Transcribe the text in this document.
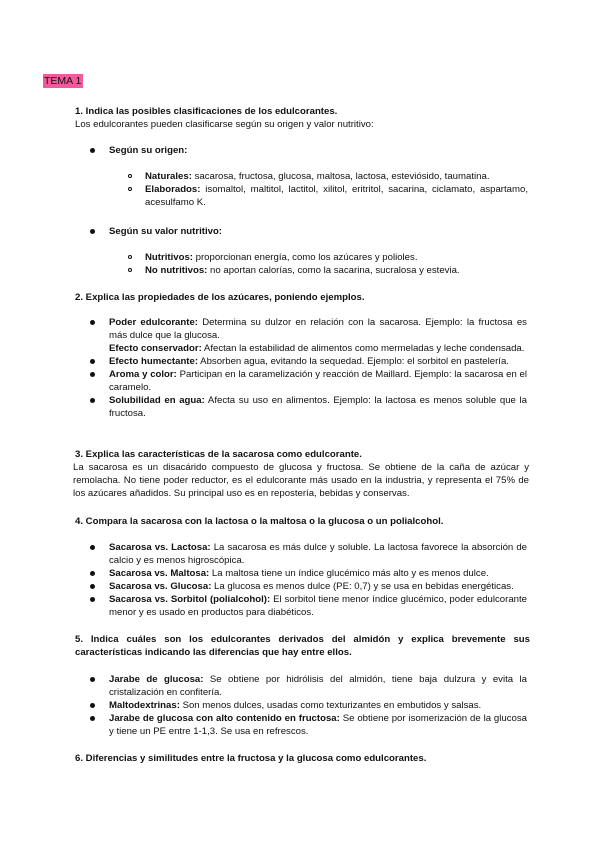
TEMA 1
1. Indica las posibles clasificaciones de los edulcorantes.
Los edulcorantes pueden clasificarse según su origen y valor nutritivo:
Según su origen:
Naturales: sacarosa, fructosa, glucosa, maltosa, lactosa, esteviósido, taumatina.
Elaborados: isomaltol, maltitol, lactitol, xilitol, eritritol, sacarina, ciclamato, aspartamo, acesulfamo K.
Según su valor nutritivo:
Nutritivos: proporcionan energía, como los azúcares y polioles.
No nutritivos: no aportan calorías, como la sacarina, sucralosa y estevia.
2. Explica las propiedades de los azúcares, poniendo ejemplos.
Poder edulcorante: Determina su dulzor en relación con la sacarosa. Ejemplo: la fructosa es más dulce que la glucosa.
Efecto conservador: Afectan la estabilidad de alimentos como mermeladas y leche condensada.
Efecto humectante: Absorben agua, evitando la sequedad. Ejemplo: el sorbitol en pastelería.
Aroma y color: Participan en la caramelización y reacción de Maillard. Ejemplo: la sacarosa en el caramelo.
Solubilidad en agua: Afecta su uso en alimentos. Ejemplo: la lactosa es menos soluble que la fructosa.
3. Explica las características de la sacarosa como edulcorante.
La sacarosa es un disacárido compuesto de glucosa y fructosa. Se obtiene de la caña de azúcar y remolacha. No tiene poder reductor, es el edulcorante más usado en la industria, y representa el 75% de los azúcares añadidos. Su principal uso es en repostería, bebidas y conservas.
4. Compara la sacarosa con la lactosa o la maltosa o la glucosa o un polialcohol.
Sacarosa vs. Lactosa: La sacarosa es más dulce y soluble. La lactosa favorece la absorción de calcio y es menos higroscópica.
Sacarosa vs. Maltosa: La maltosa tiene un índice glucémico más alto y es menos dulce.
Sacarosa vs. Glucosa: La glucosa es menos dulce (PE: 0,7) y se usa en bebidas energéticas.
Sacarosa vs. Sorbitol (polialcohol): El sorbitol tiene menor índice glucémico, poder edulcorante menor y es usado en productos para diabéticos.
5. Indica cuáles son los edulcorantes derivados del almidón y explica brevemente sus características indicando las diferencias que hay entre ellos.
Jarabe de glucosa: Se obtiene por hidrólisis del almidón, tiene baja dulzura y evita la cristalización en confitería.
Maltodextrinas: Son menos dulces, usadas como texturizantes en embutidos y salsas.
Jarabe de glucosa con alto contenido en fructosa: Se obtiene por isomerización de la glucosa y tiene un PE entre 1-1,3. Se usa en refrescos.
6. Diferencias y similitudes entre la fructosa y la glucosa como edulcorantes.
